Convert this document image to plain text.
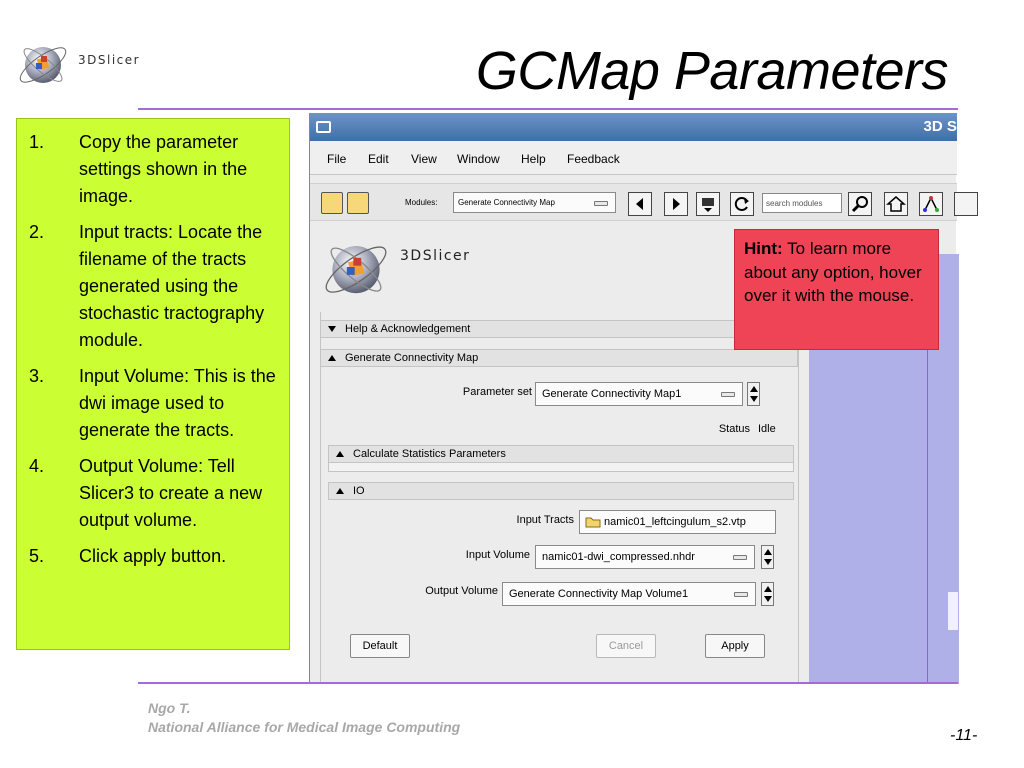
3DSlicer	GCMap Parameters
1.	Copy the parameter settings shown in the image.
2.	Input tracts: Locate the filename of the tracts generated using the stochastic tractography module.
3.	Input Volume: This is the dwi image used to generate the tracts.
4.	Output Volume: Tell Slicer3 to create a new output volume.
5.	Click apply button.
3D Sl
File Edit View Window Help Feedback
Modules:	Generate Connectivity Map	search modules
3DSlicer
Help & Acknowledgement
Generate Connectivity Map
Parameter set Generate Connectivity Map1
Status Idle
Calculate Statistics Parameters
IO
Input Tracts	namic01_leftcingulum_s2.vtp
Input Volume	namic01-dwi_compressed.nhdr
Output Volume	Generate Connectivity Map Volume1
Default	Cancel	Apply
Hint: To learn more about any option, hover over it with the mouse.
Ngo T.
National Alliance for Medical Image Computing	-11-
